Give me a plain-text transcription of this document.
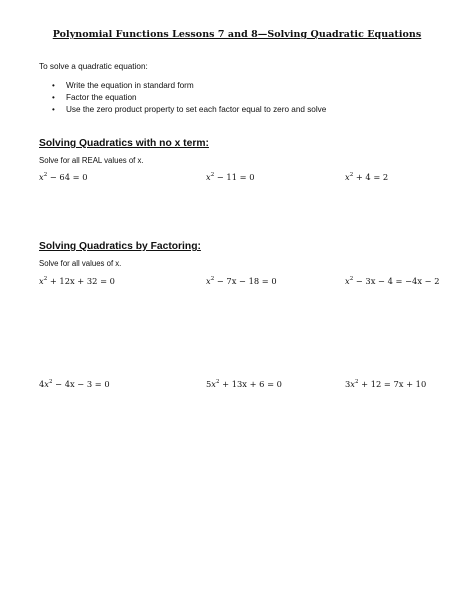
Polynomial Functions Lessons 7 and 8—Solving Quadratic Equations
To solve a quadratic equation:
• Write the equation in standard form
• Factor the equation
• Use the zero product property to set each factor equal to zero and solve
Solving Quadratics with no x term:
Solve for all REAL values of x.
$x^2 - 64 = 0$	$x^2 - 11 = 0$	$x^2 + 4 = 2$
Solving Quadratics by Factoring:
Solve for all values of x.
$x^2 + 12x + 32 = 0$	$x^2 - 7x - 18 = 0$	$x^2 - 3x - 4 = -4x - 2$
$4x^2 - 4x - 3 = 0$	$5x^2 + 13x + 6 = 0$	$3x^2 + 12 = 7x + 10$
